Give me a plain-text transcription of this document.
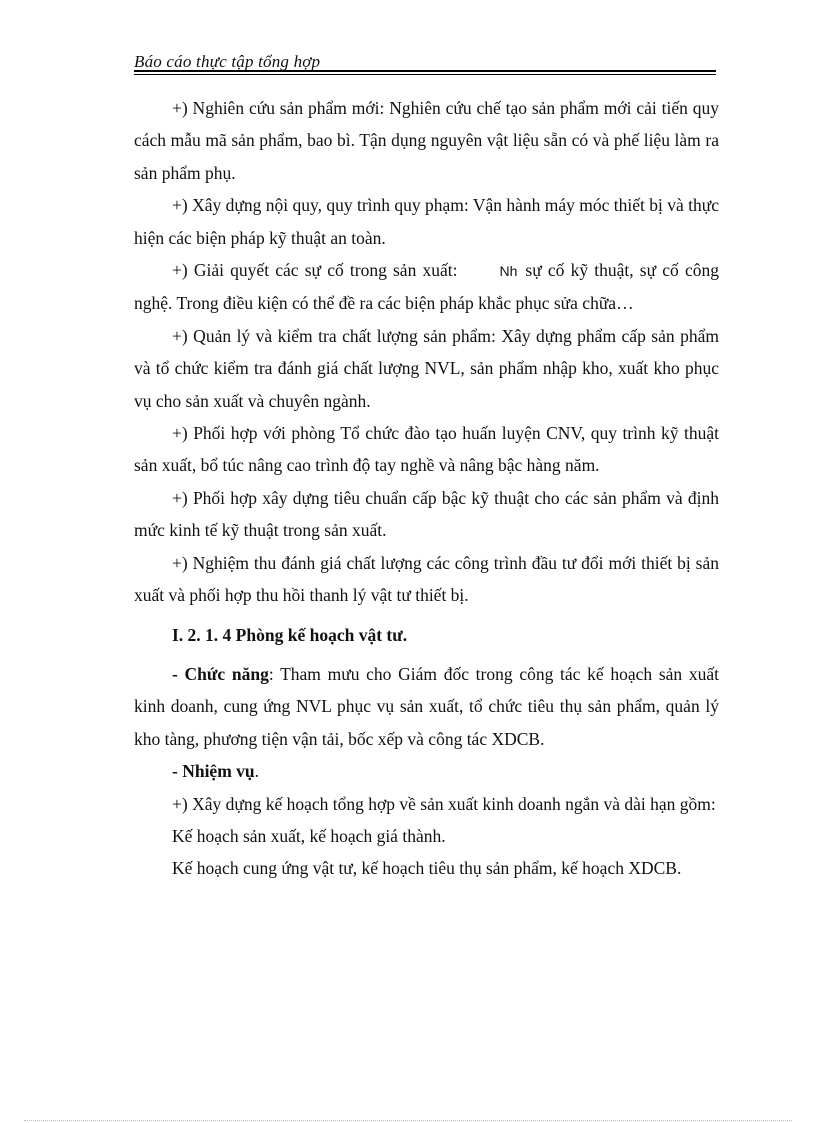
Báo cáo thực tập tổng hợp

+) Nghiên cứu sản phẩm mới: Nghiên cứu chế tạo sản phẩm mới cải tiến quy cách mẫu mã sản phẩm, bao bì. Tận dụng nguyên vật liệu sẵn có và phế liệu làm ra sản phẩm phụ.

+) Xây dựng nội quy, quy trình quy phạm: Vận hành máy móc thiết bị và thực hiện các biện pháp kỹ thuật an toàn.

+) Giải quyết các sự cố trong sản xuất:	Nh sự cố kỹ thuật, sự cố công nghệ. Trong điều kiện có thể đề ra các biện pháp khắc phục sửa chữa…

+) Quản lý và kiểm tra chất lượng sản phẩm: Xây dựng phẩm cấp sản phẩm và tổ chức kiểm tra đánh giá chất lượng NVL, sản phẩm nhập kho, xuất kho phục vụ cho sản xuất và chuyên ngành.

+) Phối hợp với phòng Tổ chức đào tạo huấn luyện CNV, quy trình kỹ thuật sản xuất, bổ túc nâng cao trình độ tay nghề và nâng bậc hàng năm.

+) Phối hợp xây dựng tiêu chuẩn cấp bậc kỹ thuật cho các sản phẩm và định mức kinh tế kỹ thuật trong sản xuất.

+) Nghiệm thu đánh giá chất lượng các công trình đầu tư đổi mới thiết bị sản xuất và phối hợp thu hồi thanh lý vật tư thiết bị.

I. 2. 1. 4 Phòng kế hoạch vật tư.

- Chức năng: Tham mưu cho Giám đốc trong công tác kế hoạch sản xuất kinh doanh, cung ứng NVL phục vụ sản xuất, tổ chức tiêu thụ sản phẩm, quản lý kho tàng, phương tiện vận tải, bốc xếp và công tác XDCB.

- Nhiệm vụ.

+) Xây dựng kế hoạch tổng hợp về sản xuất kinh doanh ngắn và dài hạn gồm:

Kế hoạch sản xuất, kế hoạch giá thành.

Kế hoạch cung ứng vật tư, kế hoạch tiêu thụ sản phẩm, kế hoạch XDCB.
